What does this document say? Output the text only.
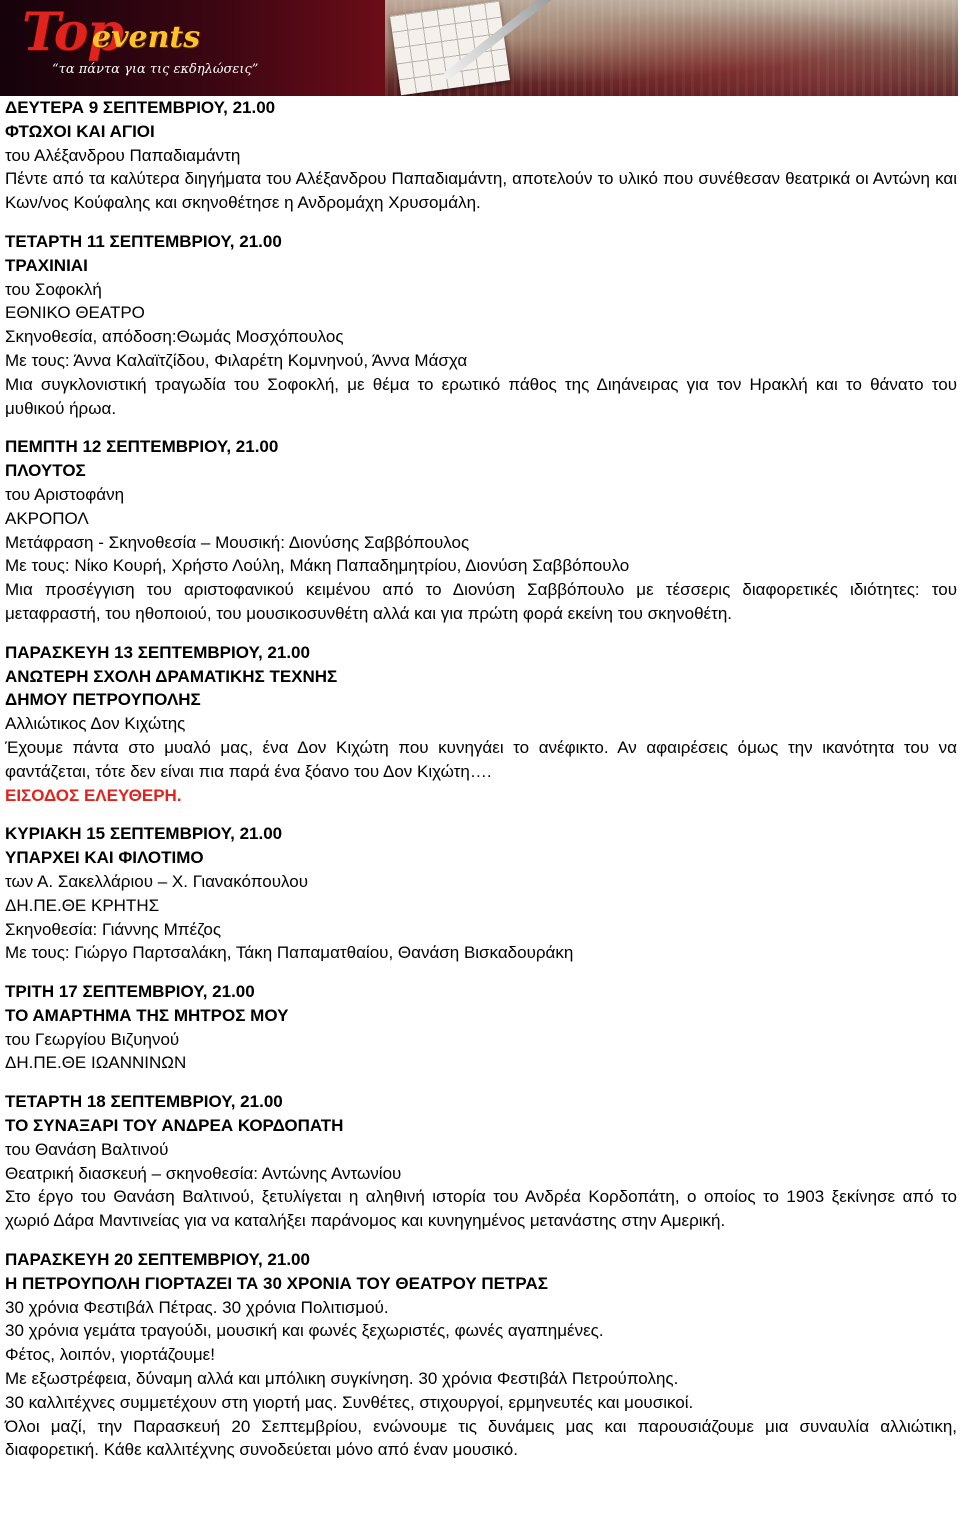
Top
events
“τα πάντα για τις εκδηλώσεις”
ΔΕΥΤΕΡΑ 9 ΣΕΠΤΕΜΒΡΙΟΥ, 21.00
ΦΤΩΧΟΙ ΚΑΙ ΑΓΙΟΙ
του Αλέξανδρου Παπαδιαμάντη
Πέντε από τα καλύτερα διηγήματα του Αλέξανδρου Παπαδιαμάντη, αποτελούν το υλικό που συνέθεσαν θεατρικά οι Αντώνη και Κων/νος Κούφαλης και σκηνοθέτησε η Ανδρομάχη Χρυσομάλη.
ΤΕΤΑΡΤΗ 11 ΣΕΠΤΕΜΒΡΙΟΥ, 21.00
ΤΡΑΧΙΝΙΑΙ
του Σοφοκλή
ΕΘΝΙΚΟ ΘΕΑΤΡΟ
Σκηνοθεσία, απόδοση:Θωμάς Μοσχόπουλος
Με τους: Άννα Καλαϊτζίδου, Φιλαρέτη Κομνηνού, Άννα Μάσχα
Μια συγκλονιστική τραγωδία του Σοφοκλή, με θέμα το ερωτικό πάθος της Διηάνειρας για τον Ηρακλή και το θάνατο του μυθικού ήρωα.
ΠΕΜΠΤΗ 12 ΣΕΠΤΕΜΒΡΙΟΥ, 21.00
ΠΛΟΥΤΟΣ
του Αριστοφάνη
ΑΚΡΟΠΟΛ
Μετάφραση - Σκηνοθεσία – Μουσική: Διονύσης Σαββόπουλος
Με τους: Νίκο Κουρή, Χρήστο Λούλη, Μάκη Παπαδημητρίου, Διονύση Σαββόπουλο
Μια προσέγγιση του αριστοφανικού κειμένου από το Διονύση Σαββόπουλο με τέσσερις διαφορετικές ιδιότητες: του μεταφραστή, του ηθοποιού, του μουσικοσυνθέτη αλλά και για πρώτη φορά εκείνη του σκηνοθέτη.
ΠΑΡΑΣΚΕΥΗ 13 ΣΕΠΤΕΜΒΡΙΟΥ, 21.00
ΑΝΩΤΕΡΗ ΣΧΟΛΗ ΔΡΑΜΑΤΙΚΗΣ ΤΕΧΝΗΣ
ΔΗΜΟΥ ΠΕΤΡΟΥΠΟΛΗΣ
Αλλιώτικος Δον Κιχώτης
Έχουμε πάντα στο μυαλό μας, ένα Δον Κιχώτη που κυνηγάει το ανέφικτο. Αν αφαιρέσεις όμως την ικανότητα του να φαντάζεται, τότε δεν είναι πια παρά ένα ξόανο του Δον Κιχώτη….
ΕΙΣΟΔΟΣ ΕΛΕΥΘΕΡΗ.
ΚΥΡΙΑΚΗ 15 ΣΕΠΤΕΜΒΡΙΟΥ, 21.00
ΥΠΑΡΧΕΙ ΚΑΙ ΦΙΛΟΤΙΜΟ
των Α. Σακελλάριου – Χ. Γιανακόπουλου
ΔΗ.ΠΕ.ΘΕ ΚΡΗΤΗΣ
Σκηνοθεσία: Γιάννης Μπέζος
Με τους: Γιώργο Παρτσαλάκη, Τάκη Παπαματθαίου, Θανάση Βισκαδουράκη
ΤΡΙΤΗ 17 ΣΕΠΤΕΜΒΡΙΟΥ, 21.00
ΤΟ ΑΜΑΡΤΗΜΑ ΤΗΣ ΜΗΤΡΟΣ ΜΟΥ
του Γεωργίου Βιζυηνού
ΔΗ.ΠΕ.ΘΕ ΙΩΑΝΝΙΝΩΝ
ΤΕΤΑΡΤΗ 18 ΣΕΠΤΕΜΒΡΙΟΥ, 21.00
ΤΟ ΣΥΝΑΞΑΡΙ ΤΟΥ ΑΝΔΡΕΑ ΚΟΡΔΟΠΑΤΗ
του Θανάση Βαλτινού
Θεατρική διασκευή – σκηνοθεσία: Αντώνης Αντωνίου
Στο έργο του Θανάση Βαλτινού, ξετυλίγεται η αληθινή ιστορία του Ανδρέα Κορδοπάτη, ο οποίος το 1903 ξεκίνησε από το χωριό Δάρα Μαντινείας για να καταλήξει παράνομος και κυνηγημένος μετανάστης στην Αμερική.
ΠΑΡΑΣΚΕΥΗ 20 ΣΕΠΤΕΜΒΡΙΟΥ, 21.00
Η ΠΕΤΡΟΥΠΟΛΗ ΓΙΟΡΤΑΖΕΙ ΤΑ 30 ΧΡΟΝΙΑ ΤΟΥ ΘΕΑΤΡΟΥ ΠΕΤΡΑΣ
30 χρόνια Φεστιβάλ Πέτρας. 30 χρόνια Πολιτισμού.
30 χρόνια γεμάτα τραγούδι, μουσική και φωνές ξεχωριστές, φωνές αγαπημένες.
Φέτος, λοιπόν, γιορτάζουμε!
Με εξωστρέφεια, δύναμη αλλά και μπόλικη συγκίνηση. 30 χρόνια Φεστιβάλ Πετρούπολης.
30 καλλιτέχνες συμμετέχουν στη γιορτή μας. Συνθέτες, στιχουργοί, ερμηνευτές και μουσικοί.
Όλοι μαζί, την Παρασκευή 20 Σεπτεμβρίου, ενώνουμε τις δυνάμεις μας και παρουσιάζουμε μια συναυλία αλλιώτικη, διαφορετική. Κάθε καλλιτέχνης συνοδεύεται μόνο από έναν μουσικό.
